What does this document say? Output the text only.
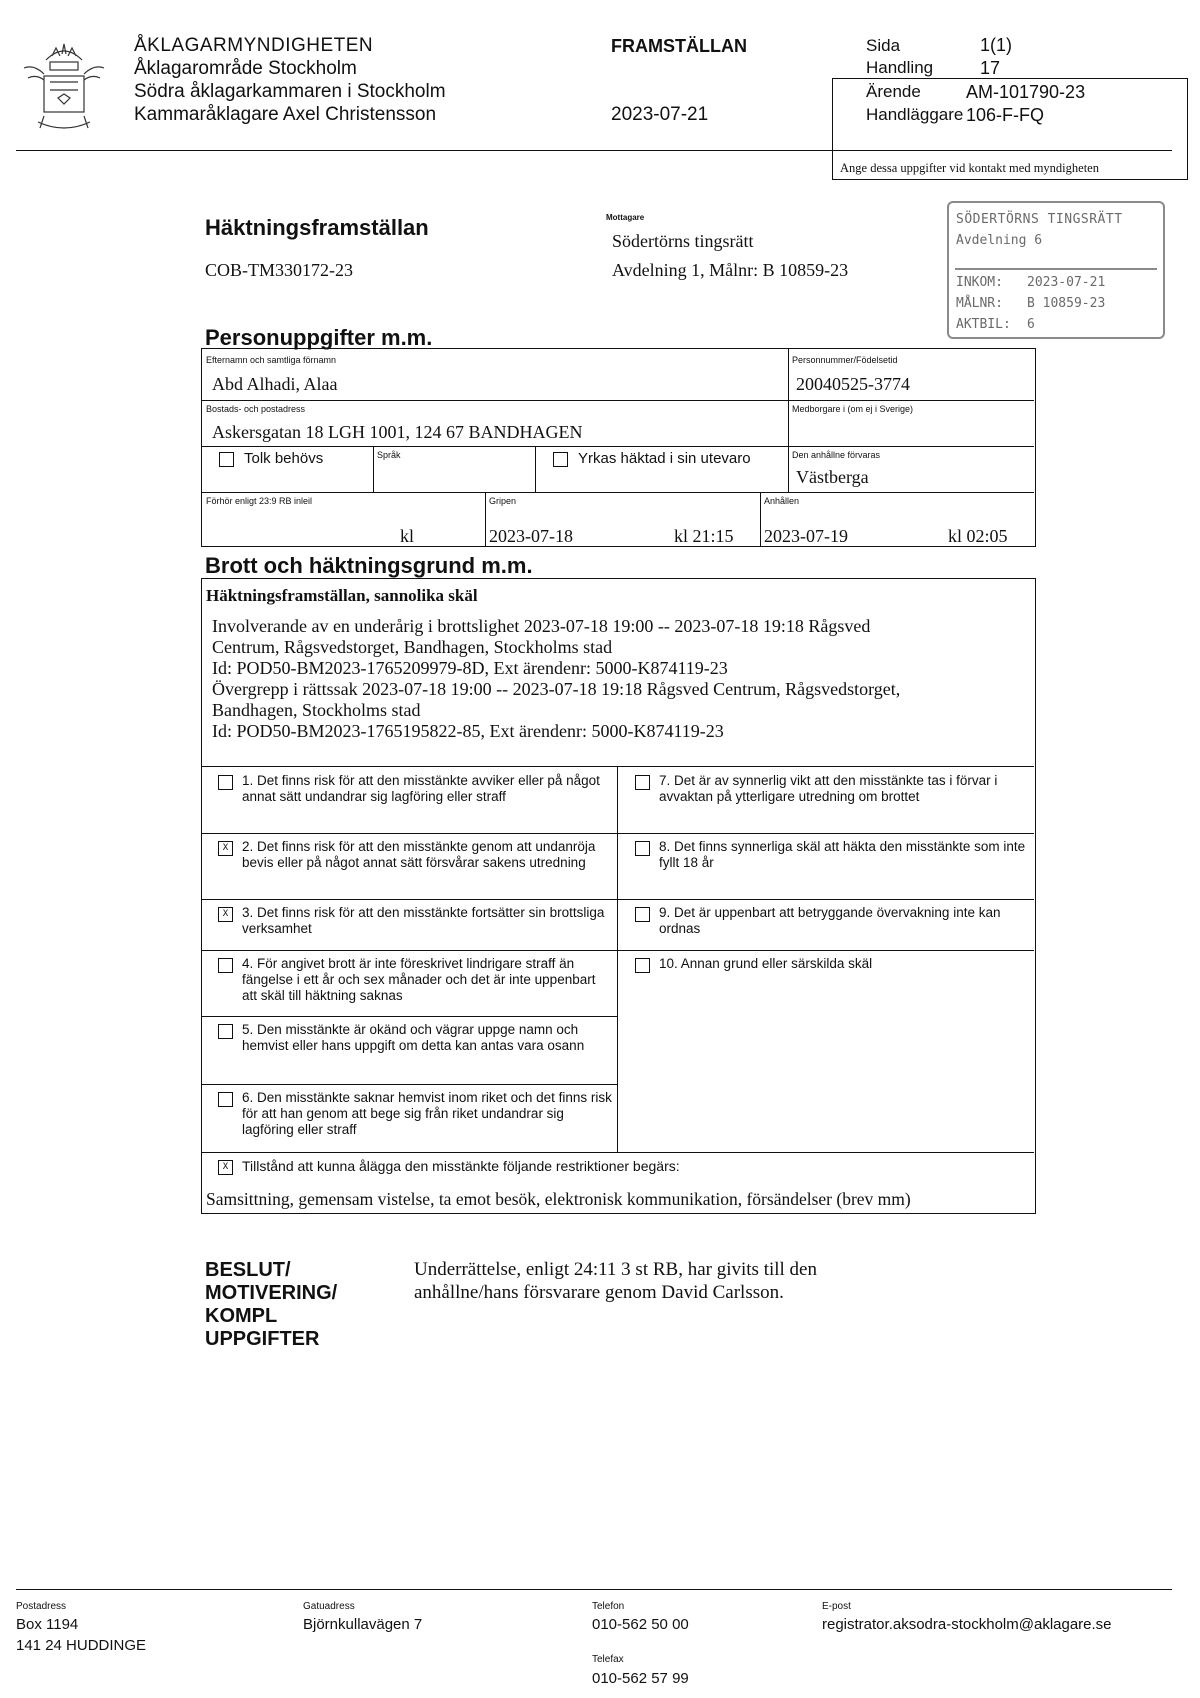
ÅKLAGARMYNDIGHETEN
Åklagarområde Stockholm
Södra åklagarkammaren i Stockholm
Kammaråklagare Axel Christensson
FRAMSTÄLLAN
2023-07-21
Sida	1(1)
Handling	17
Ärende	AM-101790-23
Handläggare 106-F-FQ
Ange dessa uppgifter vid kontakt med myndigheten
Häktningsframställan
COB-TM330172-23
Mottagare
Södertörns tingsrätt
Avdelning 1, Målnr: B 10859-23
SÖDERTÖRNS TINGSRÄTT
Avdelning 6
INKOM: 2023-07-21
MÅLNR: B 10859-23
AKTBIL: 6
Personuppgifter m.m.
Efternamn och samtliga förnamn
Abd Alhadi, Alaa
Personnummer/Födelsetid
20040525-3774
Bostads- och postadress
Askersgatan 18 LGH 1001, 124 67 BANDHAGEN
Medborgare i (om ej i Sverige)
Tolk behövs	Språk	Yrkas häktad i sin utevaro	Den anhållne förvaras
Västberga
Förhör enligt 23:9 RB inleil
kl
Gripen
2023-07-18	kl 21:15
Anhållen
2023-07-19	kl 02:05
Brott och häktningsgrund m.m.
Häktningsframställan, sannolika skäl
Involverande av en underårig i brottslighet 2023-07-18 19:00 -- 2023-07-18 19:18 Rågsved
Centrum, Rågsvedstorget, Bandhagen, Stockholms stad
Id: POD50-BM2023-1765209979-8D, Ext ärendenr: 5000-K874119-23
Övergrepp i rättssak 2023-07-18 19:00 -- 2023-07-18 19:18 Rågsved Centrum, Rågsvedstorget,
Bandhagen, Stockholms stad
Id: POD50-BM2023-1765195822-85, Ext ärendenr: 5000-K874119-23
1. Det finns risk för att den misstänkte avviker eller på något annat sätt undandrar sig lagföring eller straff
X	2. Det finns risk för att den misstänkte genom att undanröja bevis eller på något annat sätt försvårar sakens utredning
X	3. Det finns risk för att den misstänkte fortsätter sin brottsliga verksamhet
4. För angivet brott är inte föreskrivet lindrigare straff än fängelse i ett år och sex månader och det är inte uppenbart att skäl till häktning saknas
5. Den misstänkte är okänd och vägrar uppge namn och hemvist eller hans uppgift om detta kan antas vara osann
6. Den misstänkte saknar hemvist inom riket och det finns risk för att han genom att bege sig från riket undandrar sig lagföring eller straff
7. Det är av synnerlig vikt att den misstänkte tas i förvar i avvaktan på ytterligare utredning om brottet
8. Det finns synnerliga skäl att häkta den misstänkte som inte fyllt 18 år
9. Det är uppenbart att betryggande övervakning inte kan ordnas
10. Annan grund eller särskilda skäl
X Tillstånd att kunna ålägga den misstänkte följande restriktioner begärs:
Samsittning, gemensam vistelse, ta emot besök, elektronisk kommunikation, försändelser (brev mm)
BESLUT/
MOTIVERING/
KOMPL
UPPGIFTER
Underrättelse, enligt 24:11 3 st RB, har givits till den
anhållne/hans försvarare genom David Carlsson.
Postadress
Box 1194
141 24 HUDDINGE
Gatuadress
Björnkullavägen 7
Telefon
010-562 50 00
Telefax
010-562 57 99
E-post
registrator.aksodra-stockholm@aklagare.se
